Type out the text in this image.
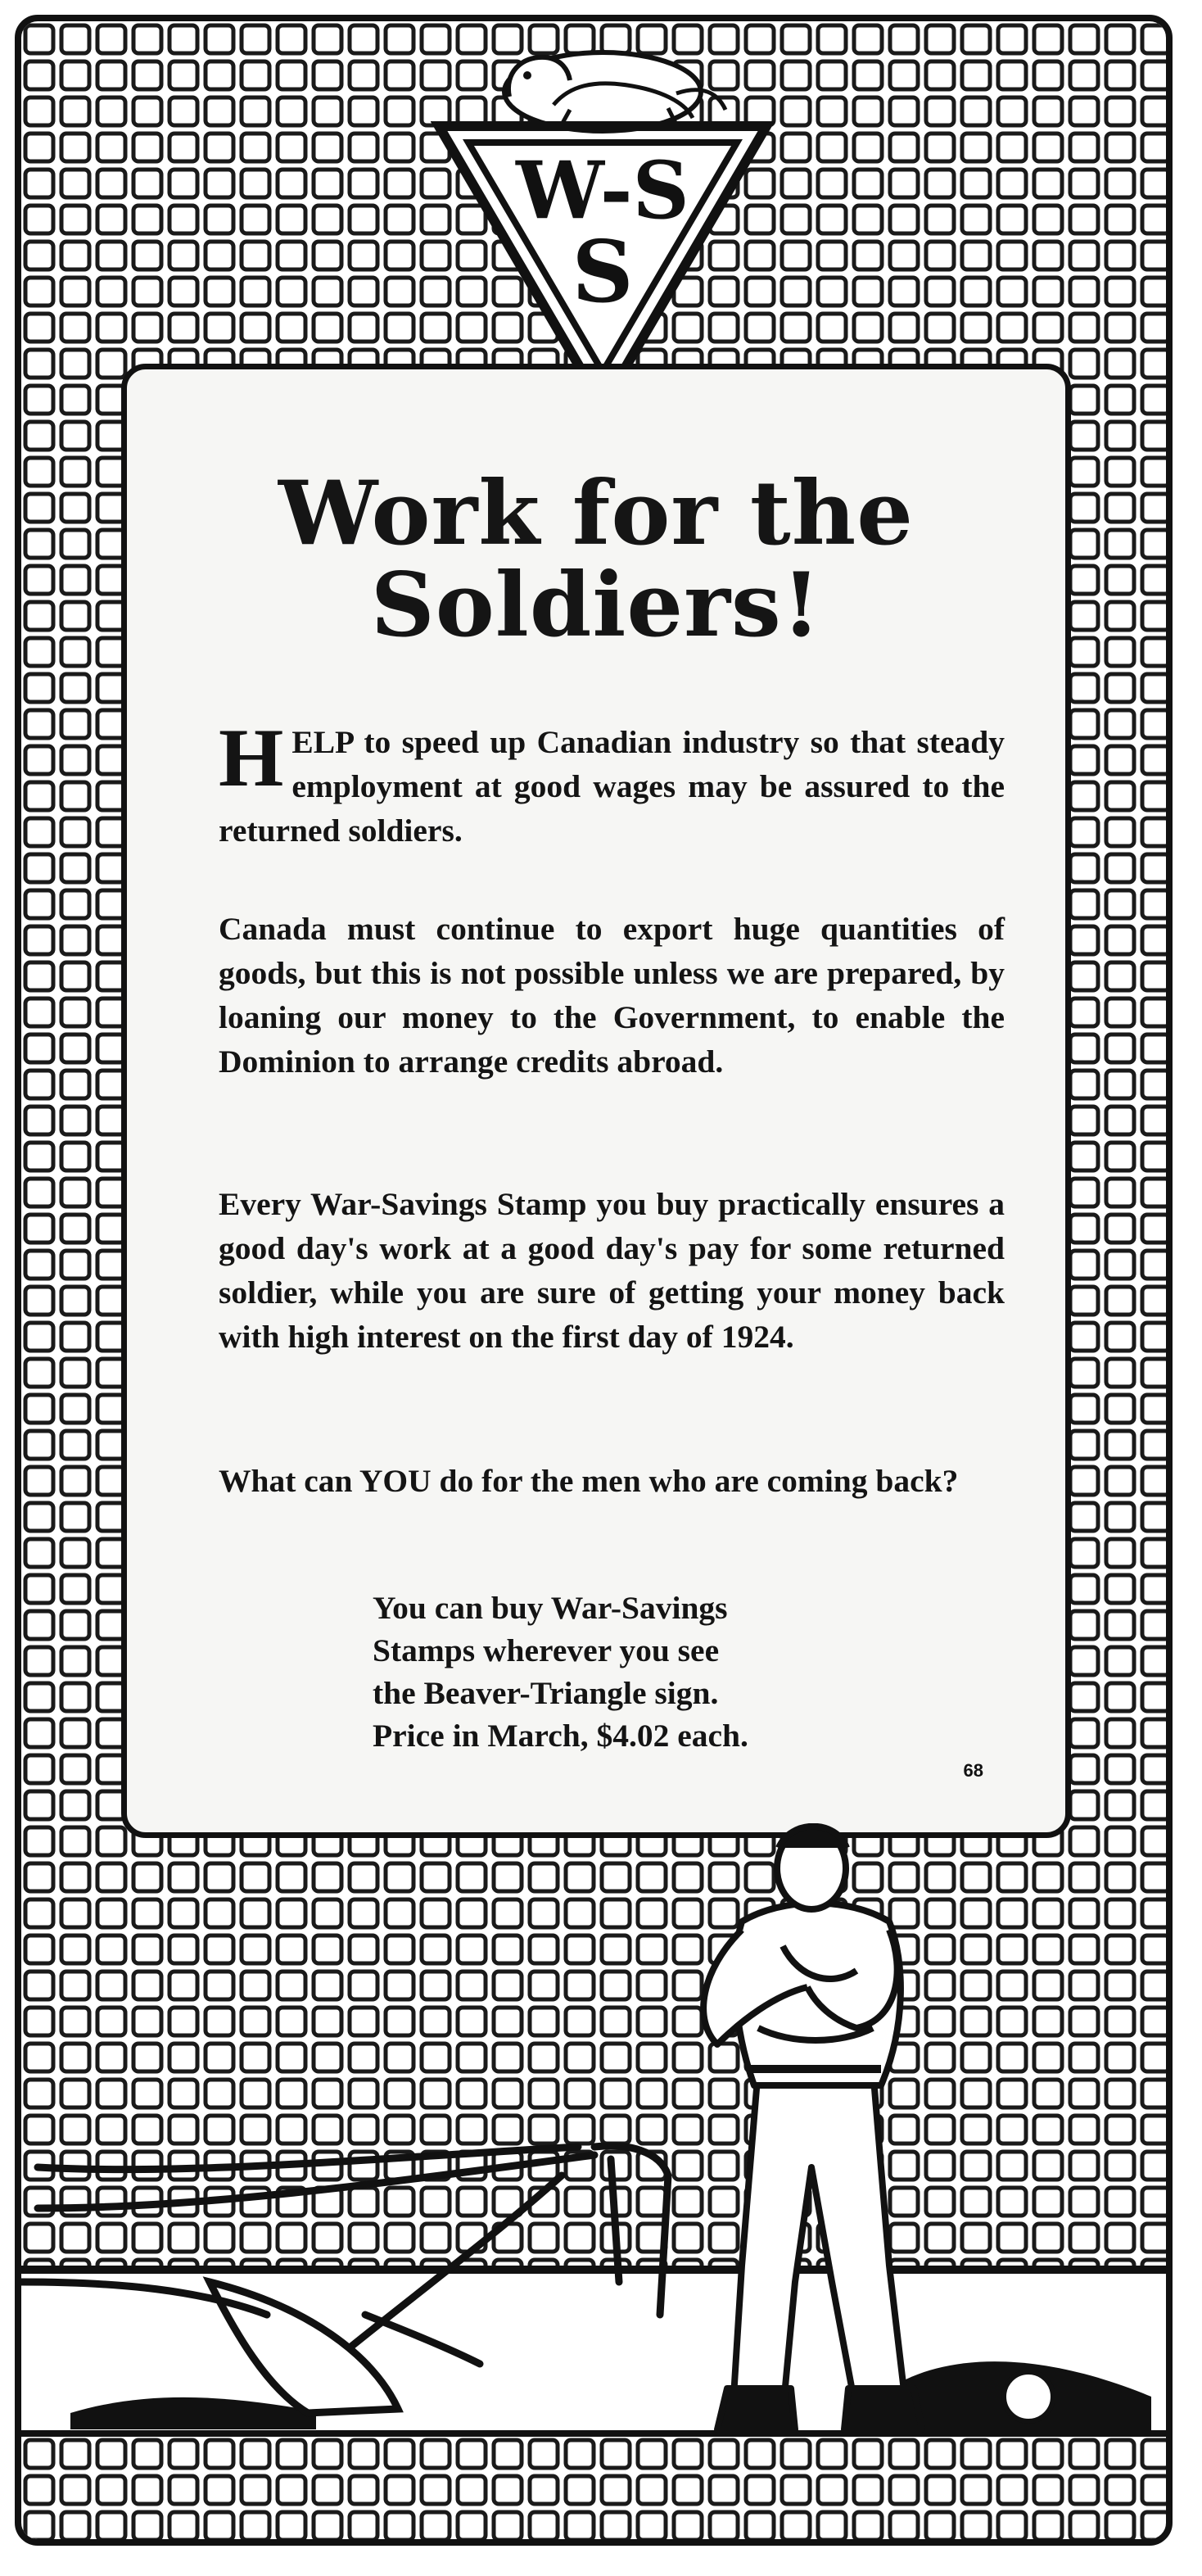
W-S
S
Work for the
Soldiers!

HELP to speed up Canadian industry so that steady employment at good wages may be assured to the returned soldiers.

Canada must continue to export huge quantities of goods, but this is not possible unless we are prepared, by loaning our money to the Government, to enable the Dominion to arrange credits abroad.

Every War-Savings Stamp you buy practically ensures a good day's work at a good day's pay for some returned soldier, while you are sure of getting your money back with high interest on the first day of 1924.

What can YOU do for the men who are coming back?

You can buy War-Savings
Stamps wherever you see
the Beaver-Triangle sign.
Price in March, $4.02 each.

68
